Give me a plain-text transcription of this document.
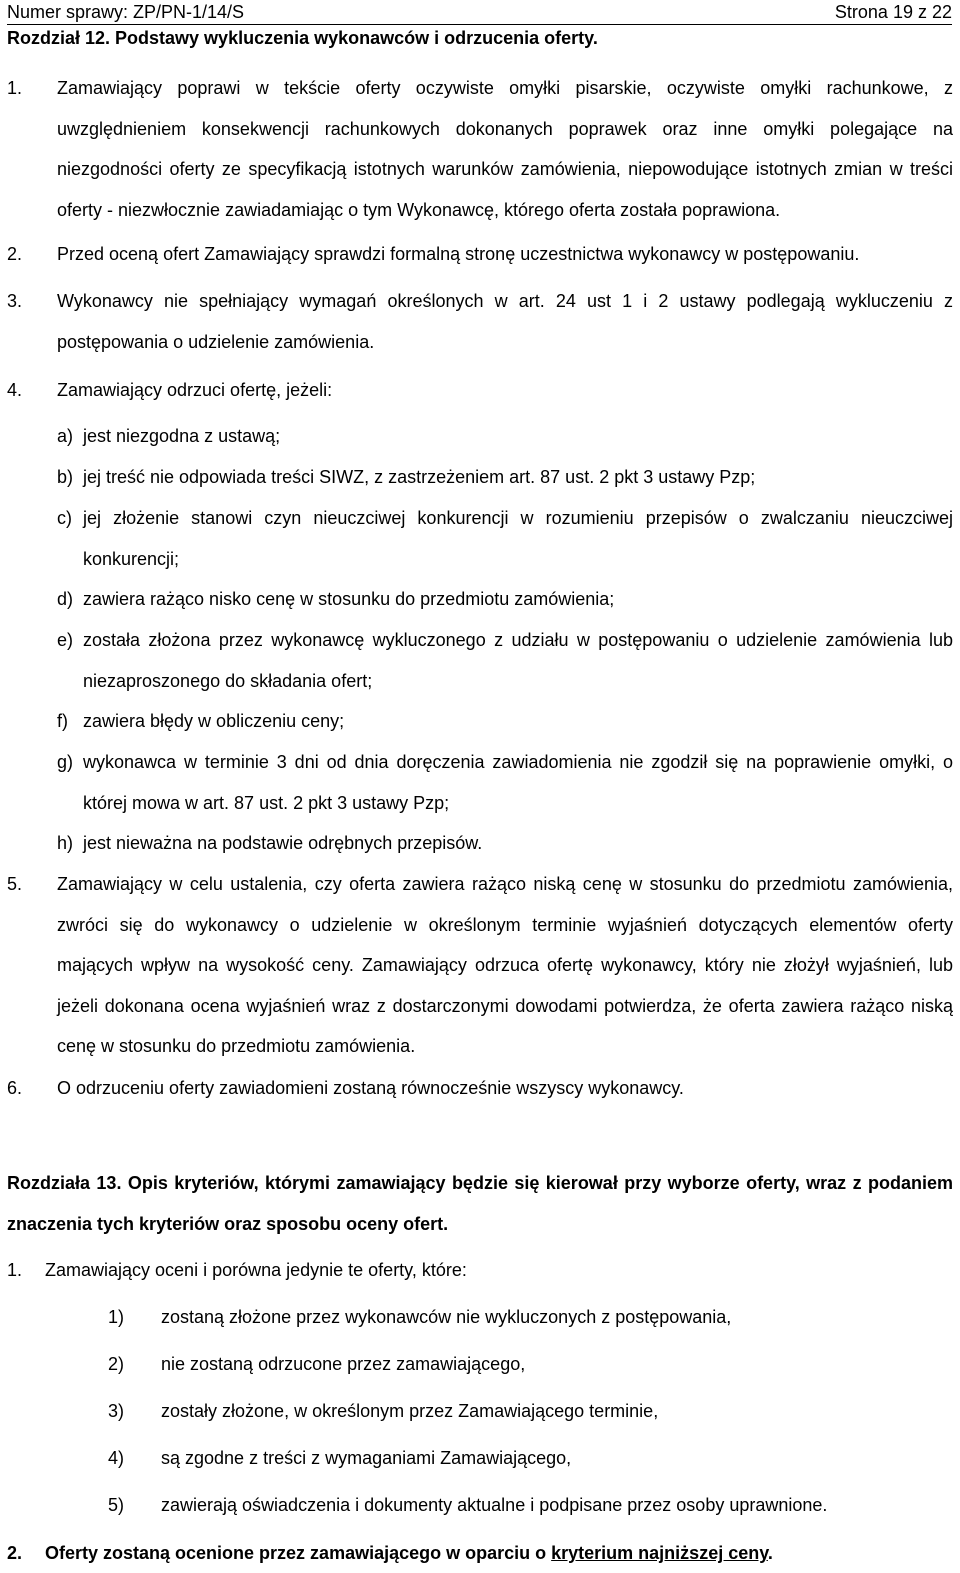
Numer sprawy: ZP/PN-1/14/S	Strona 19 z 22
Rozdział 12. Podstawy wykluczenia wykonawców i odrzucenia oferty.
1. Zamawiający poprawi w tekście oferty oczywiste omyłki pisarskie, oczywiste omyłki rachunkowe, z uwzględnieniem konsekwencji rachunkowych dokonanych poprawek oraz inne omyłki polegające na niezgodności oferty ze specyfikacją istotnych warunków zamówienia, niepowodujące istotnych zmian w treści oferty - niezwłocznie zawiadamiając o tym Wykonawcę, którego oferta została poprawiona.
2. Przed oceną ofert Zamawiający sprawdzi formalną stronę uczestnictwa wykonawcy w postępowaniu.
3. Wykonawcy nie spełniający wymagań określonych w art. 24 ust 1 i 2 ustawy podlegają wykluczeniu z postępowania o udzielenie zamówienia.
4. Zamawiający odrzuci ofertę, jeżeli:
a) jest niezgodna z ustawą;
b) jej treść nie odpowiada treści SIWZ, z zastrzeżeniem art. 87 ust. 2 pkt 3 ustawy Pzp;
c) jej złożenie stanowi czyn nieuczciwej konkurencji w rozumieniu przepisów o zwalczaniu nieuczciwej konkurencji;
d) zawiera rażąco nisko cenę w stosunku do przedmiotu zamówienia;
e) została złożona przez wykonawcę wykluczonego z udziału w postępowaniu o udzielenie zamówienia lub niezaproszonego do składania ofert;
f) zawiera błędy w obliczeniu ceny;
g) wykonawca w terminie 3 dni od dnia doręczenia zawiadomienia nie zgodził się na poprawienie omyłki, o której mowa w art. 87 ust. 2 pkt 3 ustawy Pzp;
h) jest nieważna na podstawie odrębnych przepisów.
5. Zamawiający w celu ustalenia, czy oferta zawiera rażąco niską cenę w stosunku do przedmiotu zamówienia, zwróci się do wykonawcy o udzielenie w określonym terminie wyjaśnień dotyczących elementów oferty mających wpływ na wysokość ceny. Zamawiający odrzuca ofertę wykonawcy, który nie złożył wyjaśnień, lub jeżeli dokonana ocena wyjaśnień wraz z dostarczonymi dowodami potwierdza, że oferta zawiera rażąco niską cenę w stosunku do przedmiotu zamówienia.
6. O odrzuceniu oferty zawiadomieni zostaną równocześnie wszyscy wykonawcy.
Rozdziała 13. Opis kryteriów, którymi zamawiający będzie się kierował przy wyborze oferty, wraz z podaniem znaczenia tych kryteriów oraz sposobu oceny ofert.
1. Zamawiający oceni i porówna jedynie te oferty, które:
1) zostaną złożone przez wykonawców nie wykluczonych z postępowania,
2) nie zostaną odrzucone przez zamawiającego,
3) zostały złożone, w określonym przez Zamawiającego terminie,
4) są zgodne z treści z wymaganiami Zamawiającego,
5) zawierają oświadczenia i dokumenty aktualne i podpisane przez osoby uprawnione.
2. Oferty zostaną ocenione przez zamawiającego w oparciu o kryterium najniższej ceny.
